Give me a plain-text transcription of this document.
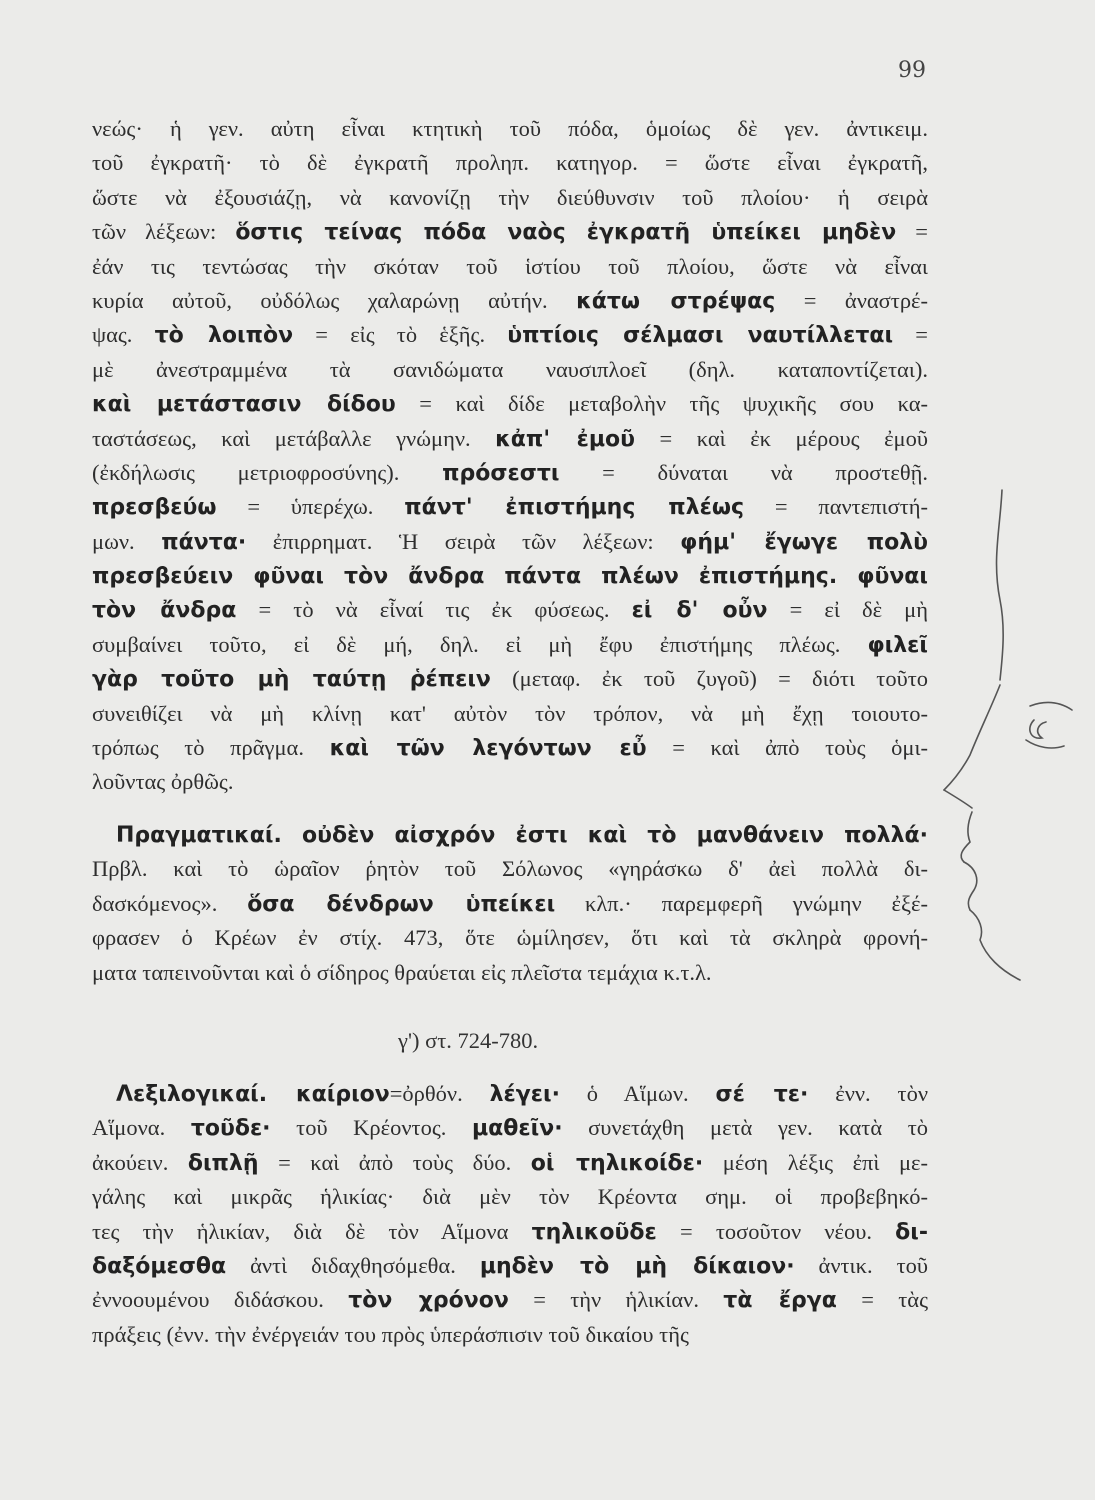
99
νεώς· ἡ γεν. αὐτη εἶναι κτητικὴ τοῦ πόδα, ὁμοίως δὲ γεν. ἀντικειμ.
τοῦ ἐγκρατῆ· τὸ δὲ ἐγκρατῆ προληπ. κατηγορ. = ὥστε εἶναι ἐγκρατῆ,
ὥστε νὰ ἐξουσιάζῃ, νὰ κανονίζῃ τὴν διεύθυνσιν τοῦ πλοίου· ἡ σειρὰ
τῶν λέξεων: ὅστις τείνας πόδα ναὸς ἐγκρατῆ ὑπείκει μηδὲν =
ἐάν τις τεντώσας τὴν σκόταν τοῦ ἱστίου τοῦ πλοίου, ὥστε νὰ εἶναι
κυρία αὐτοῦ, οὐδόλως χαλαρώνῃ αὐτήν. κάτω στρέψας = ἀναστρέ-
ψας. τὸ λοιπὸν = εἰς τὸ ἑξῆς. ὑπτίοις σέλμασι ναυτίλλεται =
μὲ ἀνεστραμμένα τὰ σανιδώματα ναυσιπλοεῖ (δηλ. καταποντίζεται).
καὶ μετάστασιν δίδου = καὶ δίδε μεταβολὴν τῆς ψυχικῆς σου κα-
ταστάσεως, καὶ μετάβαλλε γνώμην. κἀπ' ἐμοῦ = καὶ ἐκ μέρους ἐμοῦ
(ἐκδήλωσις μετριοφροσύνης). πρόσεστι = δύναται νὰ προστεθῇ.
πρεσβεύω = ὑπερέχω. πάντ' ἐπιστήμης πλέως = παντεπιστή-
μων. πάντα· ἐπιρρηματ. Ἡ σειρὰ τῶν λέξεων: φήμ' ἔγωγε πολὺ
πρεσβεύειν φῦναι τὸν ἄνδρα πάντα πλέων ἐπιστήμης. φῦναι
τὸν ἄνδρα = τὸ νὰ εἶναί τις ἐκ φύσεως. εἰ δ' οὖν = εἰ δὲ μὴ
συμβαίνει τοῦτο, εἰ δὲ μή, δηλ. εἰ μὴ ἔφυ ἐπιστήμης πλέως. φιλεῖ
γὰρ τοῦτο μὴ ταύτῃ ῥέπειν (μεταφ. ἐκ τοῦ ζυγοῦ) = διότι τοῦτο
συνειθίζει νὰ μὴ κλίνῃ κατ' αὐτὸν τὸν τρόπον, νὰ μὴ ἔχῃ τοιουτο-
τρόπως τὸ πρᾶγμα. καὶ τῶν λεγόντων εὖ = καὶ ἀπὸ τοὺς ὁμι-
λοῦντας ὀρθῶς.
Πραγματικαί. οὐδὲν αἰσχρόν ἐστι καὶ τὸ μανθάνειν πολλά·
Πρβλ. καὶ τὸ ὡραῖον ῥητὸν τοῦ Σόλωνος «γηράσκω δ' ἀεὶ πολλὰ δι-
δασκόμενος». ὅσα δένδρων ὑπείκει κλπ.· παρεμφερῆ γνώμην ἐξέ-
φρασεν ὁ Κρέων ἐν στίχ. 473, ὅτε ὡμίλησεν, ὅτι καὶ τὰ σκληρὰ φρονή-
ματα ταπεινοῦνται καὶ ὁ σίδηρος θραύεται εἰς πλεῖστα τεμάχια κ.τ.λ.
γ') στ. 724-780.
Λεξιλογικαί. καίριον=ὀρθόν. λέγει· ὁ Αἵμων. σέ τε· ἐνν. τὸν
Αἵμονα. τοῦδε· τοῦ Κρέοντος. μαθεῖν· συνετάχθη μετὰ γεν. κατὰ τὸ
ἀκούειν. διπλῇ = καὶ ἀπὸ τοὺς δύο. οἱ τηλικοίδε· μέση λέξις ἐπὶ με-
γάλης καὶ μικρᾶς ἡλικίας· διὰ μὲν τὸν Κρέοντα σημ. οἱ προβεβηκό-
τες τὴν ἡλικίαν, διὰ δὲ τὸν Αἵμονα τηλικοῦδε = τοσοῦτον νέου. δι-
δαξόμεσθα ἀντὶ διδαχθησόμεθα. μηδὲν τὸ μὴ δίκαιον· ἀντικ. τοῦ
ἐννοουμένου διδάσκου. τὸν χρόνον = τὴν ἡλικίαν. τὰ ἔργα = τὰς
πράξεις (ἐνν. τὴν ἐνέργειάν του πρὸς ὑπεράσπισιν τοῦ δικαίου τῆς
